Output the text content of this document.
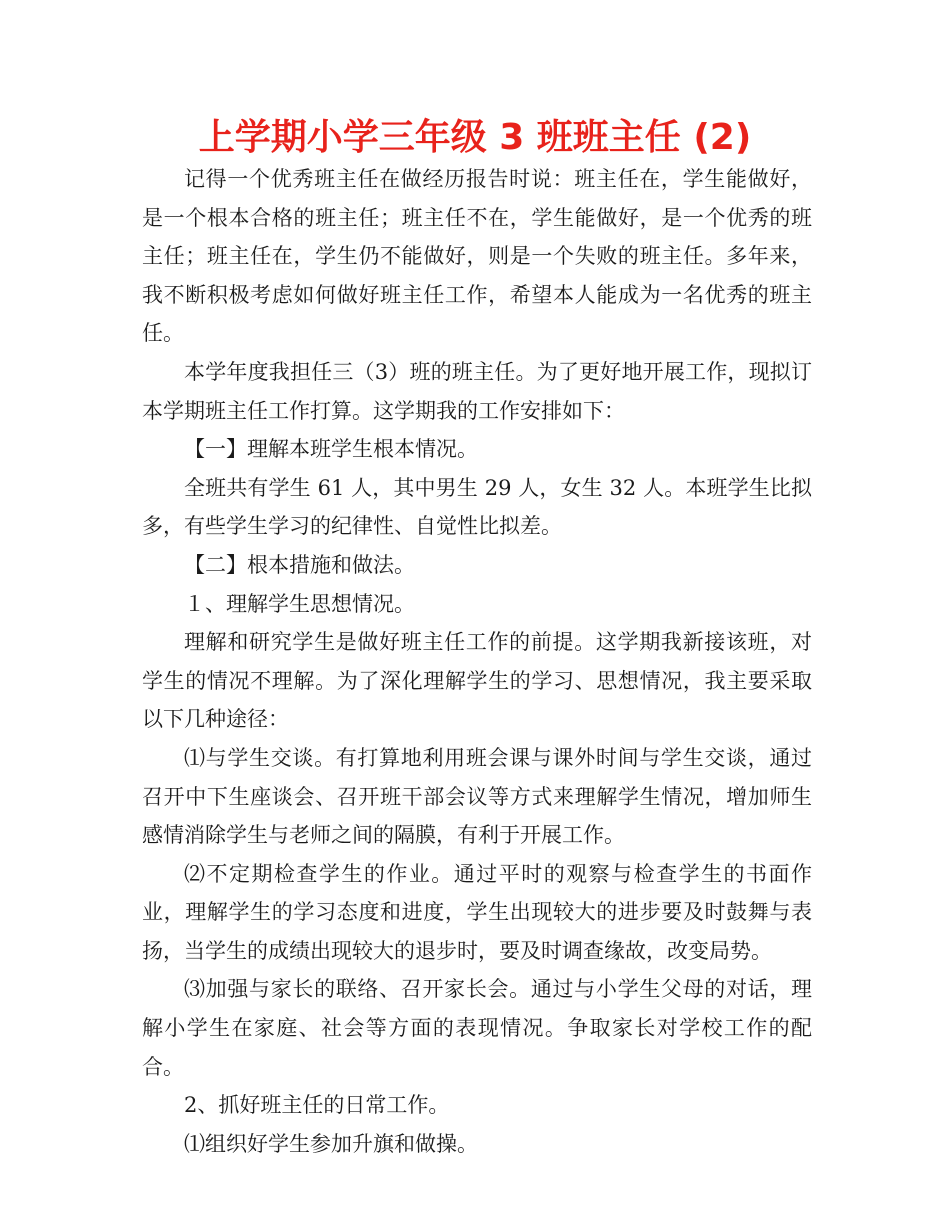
上学期小学三年级 3 班班主任 (2)

记得一个优秀班主任在做经历报告时说：班主任在，学生能做好，是一个根本合格的班主任；班主任不在，学生能做好，是一个优秀的班主任；班主任在，学生仍不能做好，则是一个失败的班主任。多年来，我不断积极考虑如何做好班主任工作，希望本人能成为一名优秀的班主任。

本学年度我担任三（3）班的班主任。为了更好地开展工作，现拟订本学期班主任工作打算。这学期我的工作安排如下：

【一】理解本班学生根本情况。

全班共有学生 61 人，其中男生 29 人，女生 32 人。本班学生比拟多，有些学生学习的纪律性、自觉性比拟差。

【二】根本措施和做法。

１、理解学生思想情况。

理解和研究学生是做好班主任工作的前提。这学期我新接该班，对学生的情况不理解。为了深化理解学生的学习、思想情况，我主要采取以下几种途径：

⑴与学生交谈。有打算地利用班会课与课外时间与学生交谈，通过召开中下生座谈会、召开班干部会议等方式来理解学生情况，增加师生感情消除学生与老师之间的隔膜，有利于开展工作。

⑵不定期检查学生的作业。通过平时的观察与检查学生的书面作业，理解学生的学习态度和进度，学生出现较大的进步要及时鼓舞与表扬，当学生的成绩出现较大的退步时，要及时调查缘故，改变局势。

⑶加强与家长的联络、召开家长会。通过与小学生父母的对话，理解小学生在家庭、社会等方面的表现情况。争取家长对学校工作的配合。

2、抓好班主任的日常工作。

⑴组织好学生参加升旗和做操。
